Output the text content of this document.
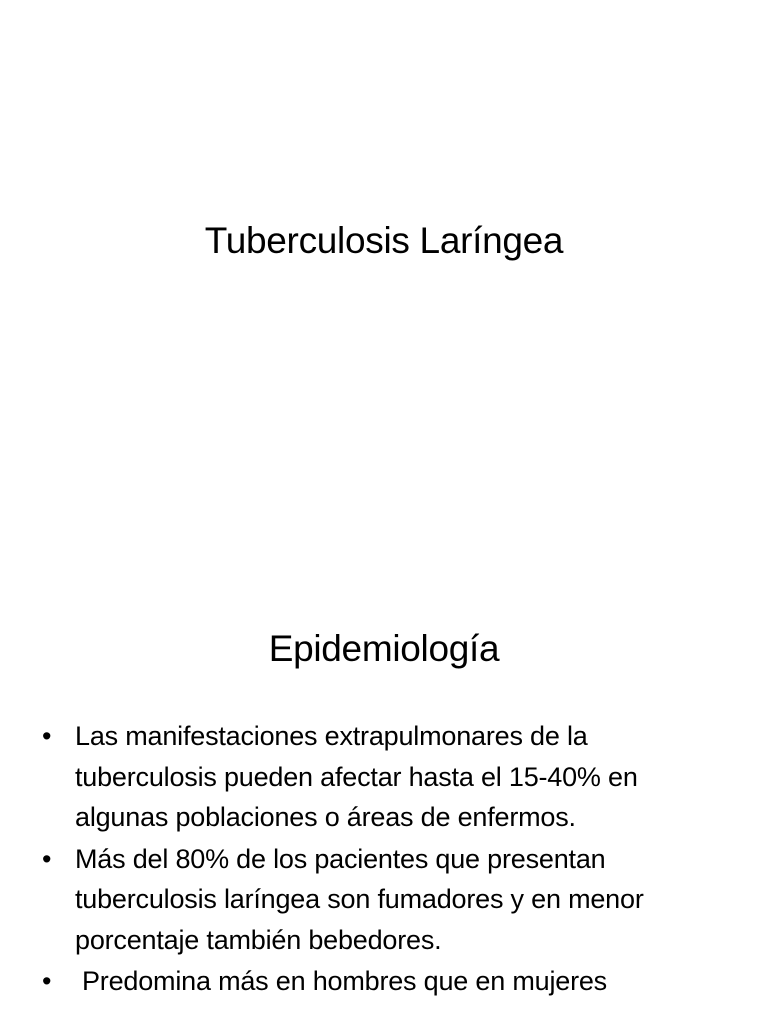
Tuberculosis Laríngea
Epidemiología
• Las manifestaciones extrapulmonares de la tuberculosis pueden afectar hasta el 15-40% en algunas poblaciones o áreas de enfermos.
• Más del 80% de los pacientes que presentan tuberculosis laríngea son fumadores y en menor porcentaje también bebedores.
• Predomina más en hombres que en mujeres
